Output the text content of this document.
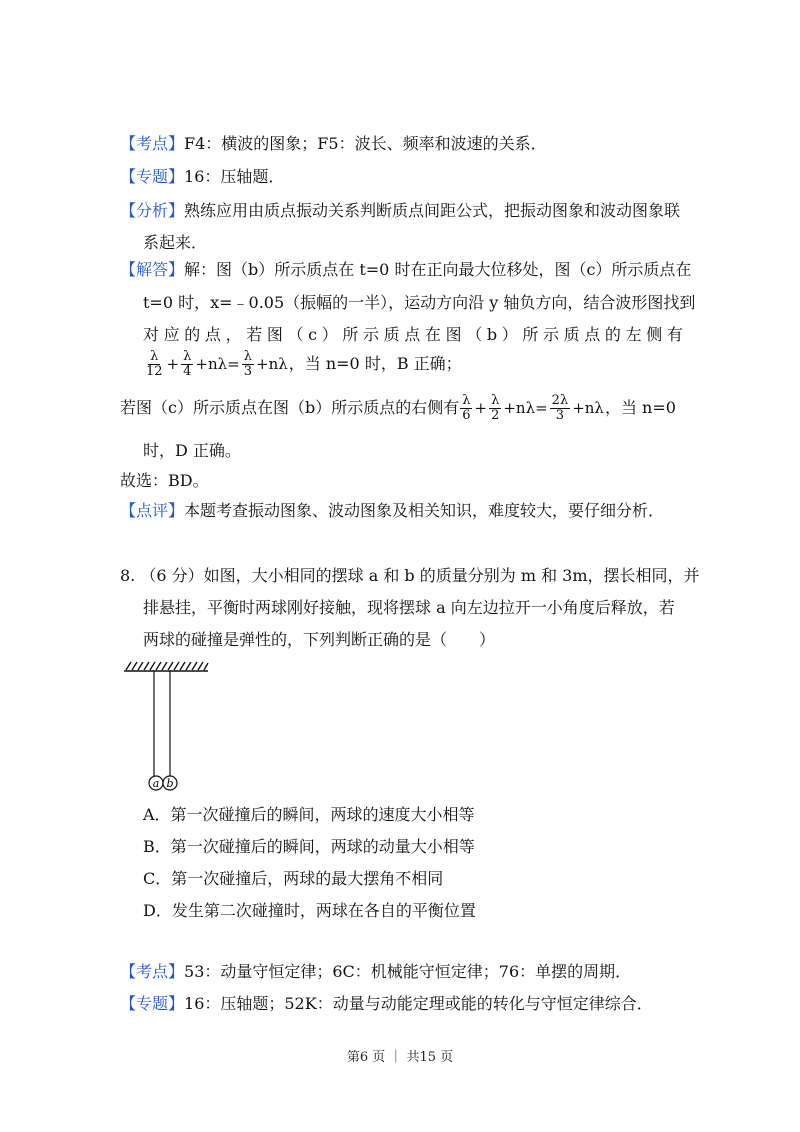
【考点】F4：横波的图象；F5：波长、频率和波速的关系．
【专题】16：压轴题．
【分析】熟练应用由质点振动关系判断质点间距公式，把振动图象和波动图象联
系起来．
【解答】解：图（b）所示质点在 t=0 时在正向最大位移处，图（c）所示质点在
t=0 时，x=﹣0.05（振幅的一半），运动方向沿 y 轴负方向，结合波形图找到
对 应 的 点 ， 若 图 （ c ） 所 示 质 点 在 图 （ b ） 所 示 质 点 的 左 侧 有
$\frac{\lambda}{12} + \frac{\lambda}{4} +n\lambda= \frac{\lambda}{3} +n\lambda$，当 n=0 时，B 正确；
若图（c）所示质点在图（b）所示质点的右侧有 $\frac{\lambda}{6} + \frac{\lambda}{2} +n\lambda= \frac{2\lambda}{3} +n\lambda$，当 n=0
时，D 正确。
故选：BD。
【点评】本题考查振动图象、波动图象及相关知识，难度较大，要仔细分析．
8. （6 分）如图，大小相同的摆球 a 和 b 的质量分别为 m 和 3m，摆长相同，并
排悬挂，平衡时两球刚好接触，现将摆球 a 向左边拉开一小角度后释放，若
两球的碰撞是弹性的，下列判断正确的是（　　）
a b
A．第一次碰撞后的瞬间，两球的速度大小相等
B．第一次碰撞后的瞬间，两球的动量大小相等
C．第一次碰撞后，两球的最大摆角不相同
D．发生第二次碰撞时，两球在各自的平衡位置
【考点】53：动量守恒定律；6C：机械能守恒定律；76：单摆的周期．
【专题】16：压轴题；52K：动量与动能定理或能的转化与守恒定律综合．
第6 页 ｜ 共15 页
